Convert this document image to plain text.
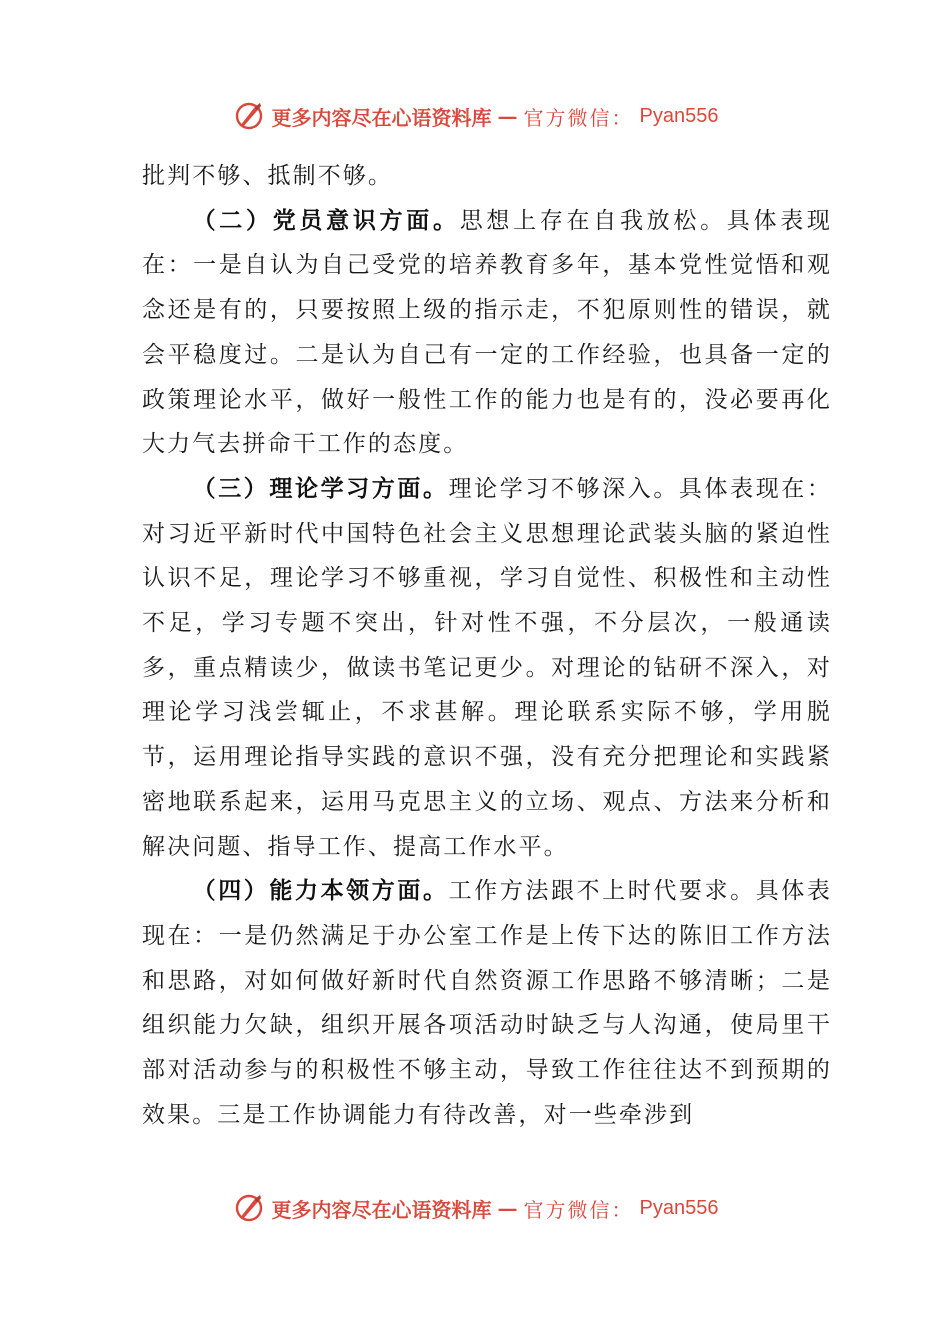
更多内容尽在心语资料库 — 官方微信： Pyan556

批判不够、抵制不够。

（二）党员意识方面。思想上存在自我放松。具体表现在：一是自认为自己受党的培养教育多年，基本党性觉悟和观念还是有的，只要按照上级的指示走，不犯原则性的错误，就会平稳度过。二是认为自己有一定的工作经验，也具备一定的政策理论水平，做好一般性工作的能力也是有的，没必要再化大力气去拼命干工作的态度。

（三）理论学习方面。理论学习不够深入。具体表现在：对习近平新时代中国特色社会主义思想理论武装头脑的紧迫性认识不足，理论学习不够重视，学习自觉性、积极性和主动性不足，学习专题不突出，针对性不强，不分层次，一般通读多，重点精读少，做读书笔记更少。对理论的钻研不深入，对理论学习浅尝辄止，不求甚解。理论联系实际不够，学用脱节，运用理论指导实践的意识不强，没有充分把理论和实践紧密地联系起来，运用马克思主义的立场、观点、方法来分析和解决问题、指导工作、提高工作水平。

（四）能力本领方面。工作方法跟不上时代要求。具体表现在：一是仍然满足于办公室工作是上传下达的陈旧工作方法和思路，对如何做好新时代自然资源工作思路不够清晰；二是组织能力欠缺，组织开展各项活动时缺乏与人沟通，使局里干部对活动参与的积极性不够主动，导致工作往往达不到预期的效果。三是工作协调能力有待改善，对一些牵涉到

更多内容尽在心语资料库 — 官方微信： Pyan556
